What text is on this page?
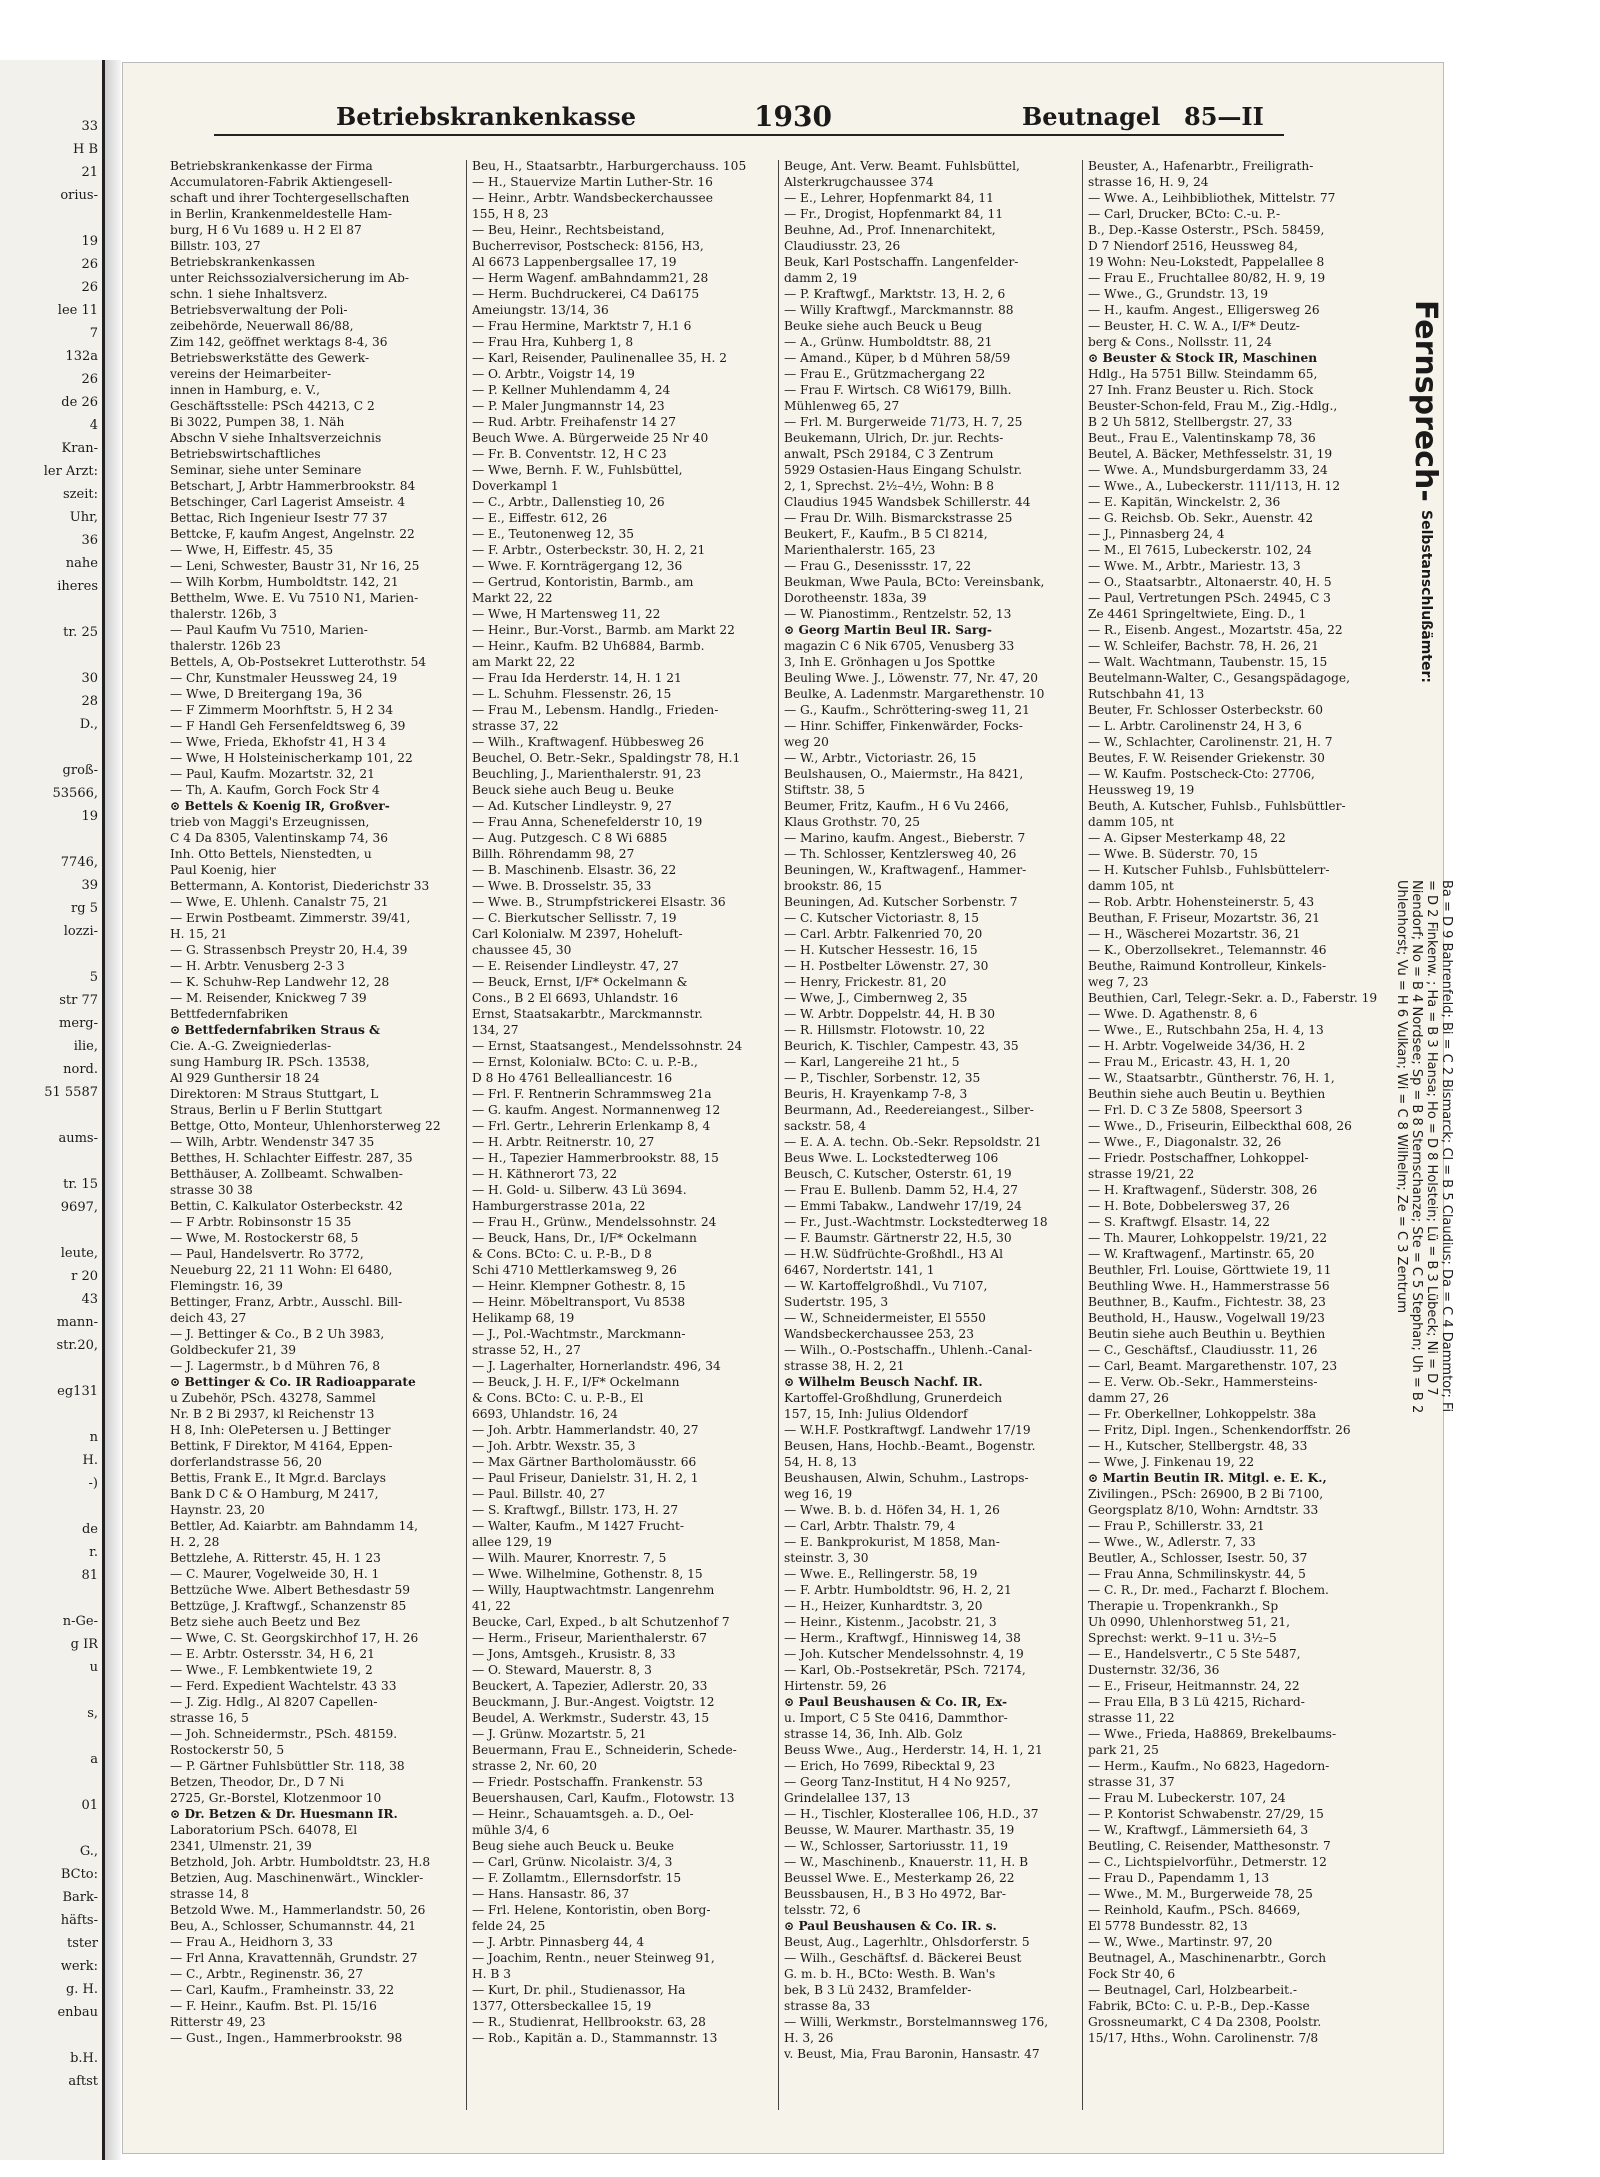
33
H B
21
orius-
19
26
26
lee 11
7
132a
26
de 26
4
Kran-
ler Arzt:
szeit:
Uhr,
36
nahe
iheres
tr. 25
30
28
D.,
groß-
53566,
19
7746,
39
rg 5
lozzi-
5
str 77
merg-
ilie,
nord.
51 5587
aums-
tr. 15
9697,
leute,
r 20
43
mann-
str.20,
eg131
n
H.
-)
de
r.
81
n-Ge-
g IR
u
s,
a
01
G.,
BCto:
Bark-
häfts-
tster
werk:
g. H.
enbau
b.H.
aftst
Betriebskrankenkasse	1930	Beutnagel 85—II
Betriebskrankenkasse der Firma
Accumulatoren-Fabrik Aktiengesell-
schaft und ihrer Tochtergesellschaften
in Berlin, Krankenmeldestelle Ham-
burg, H 6 Vu 1689 u. H 2 El 87
Billstr. 103, 27
Betriebskrankenkassen
unter Reichssozialversicherung im Ab-
schn. 1 siehe Inhaltsverz.
Betriebsverwaltung der Poli-
zeibehörde, Neuerwall 86/88,
Zim 142, geöffnet werktags 8-4, 36
Betriebswerkstätte des Gewerk-
vereins der Heimarbeiter-
innen in Hamburg, e. V.,
Geschäftsstelle: PSch 44213, C 2
Bi 3022, Pumpen 38, 1. Näh
Abschn V siehe Inhaltsverzeichnis
Betriebswirtschaftliches
Seminar, siehe unter Seminare
Betschart, J, Arbtr Hammerbrookstr. 84
Betschinger, Carl Lagerist Amseistr. 4
Bettac, Rich Ingenieur Isestr 77 37
Bettcke, F, kaufm Angest, Angelnstr. 22
— Wwe, H, Eiffestr. 45, 35
— Leni, Schwester, Baustr 31, Nr 16, 25
— Wilh Korbm, Humboldtstr. 142, 21
Betthelm, Wwe. E. Vu 7510 N1, Marien-
thalerstr. 126b, 3
— Paul Kaufm Vu 7510, Marien-
thalerstr. 126b 23
Bettels, A, Ob-Postsekret Lutterothstr. 54
— Chr, Kunstmaler Heussweg 24, 19
— Wwe, D Breitergang 19a, 36
— F Zimmerm Moorhftstr. 5, H 2 34
— F Handl Geh Fersenfeldtsweg 6, 39
— Wwe, Frieda, Ekhofstr 41, H 3 4
— Wwe, H Holsteinischerkamp 101, 22
— Paul, Kaufm. Mozartstr. 32, 21
— Th, A. Kaufm, Gorch Fock Str 4
⊙ Bettels & Koenig IR, Großver-
trieb von Maggi's Erzeugnissen,
C 4 Da 8305, Valentinskamp 74, 36
Inh. Otto Bettels, Nienstedten, u
Paul Koenig, hier
Bettermann, A. Kontorist, Diederichstr 33
— Wwe, E. Uhlenh. Canalstr 75, 21
— Erwin Postbeamt. Zimmerstr. 39/41,
H. 15, 21
— G. Strassenbsch Preystr 20, H.4, 39
— H. Arbtr. Venusberg 2-3 3
— K. Schuhw-Rep Landwehr 12, 28
— M. Reisender, Knickweg 7 39
Bettfedernfabriken
⊙ Bettfedernfabriken Straus &
Cie. A.-G. Zweigniederlas-
sung Hamburg IR. PSch. 13538,
Al 929 Gunthersir 18 24
Direktoren: M Straus Stuttgart, L
Straus, Berlin u F Berlin Stuttgart
Bettge, Otto, Monteur, Uhlenhorsterweg 22
— Wilh, Arbtr. Wendenstr 347 35
Betthes, H. Schlachter Eiffestr. 287, 35
Betthäuser, A. Zollbeamt. Schwalben-
strasse 30 38
Bettin, C. Kalkulator Osterbeckstr. 42
— F Arbtr. Robinsonstr 15 35
— Wwe, M. Rostockerstr 68, 5
— Paul, Handelsvertr. Ro 3772,
Neueburg 22, 21 11 Wohn: El 6480,
Flemingstr. 16, 39
Bettinger, Franz, Arbtr., Ausschl. Bill-
deich 43, 27
— J. Bettinger & Co., B 2 Uh 3983,
Goldbeckufer 21, 39
— J. Lagermstr., b d Mühren 76, 8
⊙ Bettinger & Co. IR Radioapparate
u Zubehör, PSch. 43278, Sammel
Nr. B 2 Bi 2937, kl Reichenstr 13
H 8, Inh: OlePetersen u. J Bettinger
Bettink, F Direktor, M 4164, Eppen-
dorferlandstrasse 56, 20
Bettis, Frank E., It Mgr.d. Barclays
Bank D C & O Hamburg, M 2417,
Haynstr. 23, 20
Bettler, Ad. Kaiarbtr. am Bahndamm 14,
H. 2, 28
Bettzlehe, A. Ritterstr. 45, H. 1 23
— C. Maurer, Vogelweide 30, H. 1
Bettzüche Wwe. Albert Bethesdastr 59
Bettzüge, J. Kraftwgf., Schanzenstr 85
Betz siehe auch Beetz und Bez
— Wwe, C. St. Georgskirchhof 17, H. 26
— E. Arbtr. Ostersstr. 34, H 6, 21
— Wwe., F. Lembkentwiete 19, 2
— Ferd. Expedient Wachtelstr. 43 33
— J. Zig. Hdlg., Al 8207 Capellen-
strasse 16, 5
— Joh. Schneidermstr., PSch. 48159.
Rostockerstr 50, 5
— P. Gärtner Fuhlsbüttler Str. 118, 38
Betzen, Theodor, Dr., D 7 Ni
2725, Gr.-Borstel, Klotzenmoor 10
⊙ Dr. Betzen & Dr. Huesmann IR.
Laboratorium PSch. 64078, El
2341, Ulmenstr. 21, 39
Betzhold, Joh. Arbtr. Humboldtstr. 23, H.8
Betzien, Aug. Maschinenwärt., Winckler-
strasse 14, 8
Betzold Wwe. M., Hammerlandstr. 50, 26
Beu, A., Schlosser, Schumannstr. 44, 21
— Frau A., Heidhorn 3, 33
— Frl Anna, Kravattennäh, Grundstr. 27
— C., Arbtr., Reginenstr. 36, 27
— Carl, Kaufm., Framheinstr. 33, 22
— F. Heinr., Kaufm. Bst. Pl. 15/16
Ritterstr 49, 23
— Gust., Ingen., Hammerbrookstr. 98
Beu, H., Staatsarbtr., Harburgerchauss. 105
— H., Stauervize Martin Luther-Str. 16
— Heinr., Arbtr. Wandsbeckerchaussee
155, H 8, 23
— Beu, Heinr., Rechtsbeistand,
Bucherrevisor, Postscheck: 8156, H3,
Al 6673 Lappenbergsallee 17, 19
— Herm Wagenf. amBahndamm21, 28
— Herm. Buchdruckerei, C4 Da6175
Ameiungstr. 13/14, 36
— Frau Hermine, Marktstr 7, H.1 6
— Frau Hra, Kuhberg 1, 8
— Karl, Reisender, Paulinenallee 35, H. 2
— O. Arbtr., Voigstr 14, 19
— P. Kellner Muhlendamm 4, 24
— P. Maler Jungmannstr 14, 23
— Rud. Arbtr. Freihafenstr 14 27
Beuch Wwe. A. Bürgerweide 25 Nr 40
— Fr. B. Conventstr. 12, H C 23
— Wwe, Bernh. F. W., Fuhlsbüttel,
Doverkampl 1
— C., Arbtr., Dallenstieg 10, 26
— E., Eiffestr. 612, 26
— E., Teutonenweg 12, 35
— F. Arbtr., Osterbeckstr. 30, H. 2, 21
— Wwe. F. Kornträgergang 12, 36
— Gertrud, Kontoristin, Barmb., am
Markt 22, 22
— Wwe, H Martensweg 11, 22
— Heinr., Bur.-Vorst., Barmb. am Markt 22
— Heinr., Kaufm. B2 Uh6884, Barmb.
am Markt 22, 22
— Frau Ida Herderstr. 14, H. 1 21
— L. Schuhm. Flessenstr. 26, 15
— Frau M., Lebensm. Handlg., Frieden-
strasse 37, 22
— Wilh., Kraftwagenf. Hübbesweg 26
Beuchel, O. Betr.-Sekr., Spaldingstr 78, H.1
Beuchling, J., Marienthalerstr. 91, 23
Beuck siehe auch Beug u. Beuke
— Ad. Kutscher Lindleystr. 9, 27
— Frau Anna, Schenefelderstr 10, 19
— Aug. Putzgesch. C 8 Wi 6885
Billh. Röhrendamm 98, 27
— B. Maschinenb. Elsastr. 36, 22
— Wwe. B. Drosselstr. 35, 33
— Wwe. B., Strumpfstrickerei Elsastr. 36
— C. Bierkutscher Sellisstr. 7, 19
Carl Kolonialw. M 2397, Hoheluft-
chaussee 45, 30
— E. Reisender Lindleystr. 47, 27
— Beuck, Ernst, I/F* Ockelmann &
Cons., B 2 El 6693, Uhlandstr. 16
Ernst, Staatsakarbtr., Marckmannstr.
134, 27
— Ernst, Staatsangest., Mendelssohnstr. 24
— Ernst, Kolonialw. BCto: C. u. P.-B.,
D 8 Ho 4761 Bellealliancestr. 16
— Frl. F. Rentnerin Schrammsweg 21a
— G. kaufm. Angest. Normannenweg 12
— Frl. Gertr., Lehrerin Erlenkamp 8, 4
— H. Arbtr. Reitnerstr. 10, 27
— H., Tapezier Hammerbrookstr. 88, 15
— H. Käthnerort 73, 22
— H. Gold- u. Silberw. 43 Lü 3694.
Hamburgerstrasse 201a, 22
— Frau H., Grünw., Mendelssohnstr. 24
— Beuck, Hans, Dr., I/F* Ockelmann
& Cons. BCto: C. u. P.-B., D 8
Schi 4710 Mettlerkamsweg 9, 26
— Heinr. Klempner Gothestr. 8, 15
— Heinr. Möbeltransport, Vu 8538
Helikamp 68, 19
— J., Pol.-Wachtmstr., Marckmann-
strasse 52, H., 27
— J. Lagerhalter, Hornerlandstr. 496, 34
— Beuck, J. H. F., I/F* Ockelmann
& Cons. BCto: C. u. P.-B., El
6693, Uhlandstr. 16, 24
— Joh. Arbtr. Hammerlandstr. 40, 27
— Joh. Arbtr. Wexstr. 35, 3
— Max Gärtner Bartholomäusstr. 66
— Paul Friseur, Danielstr. 31, H. 2, 1
— Paul. Billstr. 40, 27
— S. Kraftwgf., Billstr. 173, H. 27
— Walter, Kaufm., M 1427 Frucht-
allee 129, 19
— Wilh. Maurer, Knorrestr. 7, 5
— Wwe. Wilhelmine, Gothenstr. 8, 15
— Willy, Hauptwachtmstr. Langenrehm
41, 22
Beucke, Carl, Exped., b alt Schutzenhof 7
— Herm., Friseur, Marienthalerstr. 67
— Jons, Amtsgeh., Krusistr. 8, 33
— O. Steward, Mauerstr. 8, 3
Beuckert, A. Tapezier, Adlerstr. 20, 33
Beuckmann, J. Bur.-Angest. Voigtstr. 12
Beudel, A. Werkmstr., Suderstr. 43, 15
— J. Grünw. Mozartstr. 5, 21
Beuermann, Frau E., Schneiderin, Schede-
strasse 2, Nr. 60, 20
— Friedr. Postschaffn. Frankenstr. 53
Beuershausen, Carl, Kaufm., Flotowstr. 13
— Heinr., Schauamtsgeh. a. D., Oel-
mühle 3/4, 6
Beug siehe auch Beuck u. Beuke
— Carl, Grünw. Nicolaistr. 3/4, 3
— F. Zollamtm., Ellernsdorfstr. 15
— Hans. Hansastr. 86, 37
— Frl. Helene, Kontoristin, oben Borg-
felde 24, 25
— J. Arbtr. Pinnasberg 44, 4
— Joachim, Rentn., neuer Steinweg 91,
H. B 3
— Kurt, Dr. phil., Studienassor, Ha
1377, Ottersbeckallee 15, 19
— R., Studienrat, Hellbrookstr. 63, 28
— Rob., Kapitän a. D., Stammannstr. 13
Beuge, Ant. Verw. Beamt. Fuhlsbüttel,
Alsterkrugchaussee 374
— E., Lehrer, Hopfenmarkt 84, 11
— Fr., Drogist, Hopfenmarkt 84, 11
Beuhne, Ad., Prof. Innenarchitekt,
Claudiusstr. 23, 26
Beuk, Karl Postschaffn. Langenfelder-
damm 2, 19
— P. Kraftwgf., Marktstr. 13, H. 2, 6
— Willy Kraftwgf., Marckmannstr. 88
Beuke siehe auch Beuck u Beug
— A., Grünw. Humboldtstr. 88, 21
— Amand., Küper, b d Mühren 58/59
— Frau E., Grützmachergang 22
— Frau F. Wirtsch. C8 Wi6179, Billh.
Mühlenweg 65, 27
— Frl. M. Burgerweide 71/73, H. 7, 25
Beukemann, Ulrich, Dr. jur. Rechts-
anwalt, PSch 29184, C 3 Zentrum
5929 Ostasien-Haus Eingang Schulstr.
2, 1, Sprechst. 2½–4½, Wohn: B 8
Claudius 1945 Wandsbek Schillerstr. 44
— Frau Dr. Wilh. Bismarckstrasse 25
Beukert, F., Kaufm., B 5 Cl 8214,
Marienthalerstr. 165, 23
— Frau G., Desenissstr. 17, 22
Beukman, Wwe Paula, BCto: Vereinsbank,
Dorotheenstr. 183a, 39
— W. Pianostimm., Rentzelstr. 52, 13
⊙ Georg Martin Beul IR. Sarg-
magazin C 6 Nik 6705, Venusberg 33
3, Inh E. Grönhagen u Jos Spottke
Beuling Wwe. J., Löwenstr. 77, Nr. 47, 20
Beulke, A. Ladenmstr. Margarethenstr. 10
— G., Kaufm., Schröttering-sweg 11, 21
— Hinr. Schiffer, Finkenwärder, Focks-
weg 20
— W., Arbtr., Victoriastr. 26, 15
Beulshausen, O., Maiermstr., Ha 8421,
Stiftstr. 38, 5
Beumer, Fritz, Kaufm., H 6 Vu 2466,
Klaus Grothstr. 70, 25
— Marino, kaufm. Angest., Bieberstr. 7
— Th. Schlosser, Kentzlersweg 40, 26
Beuningen, W., Kraftwagenf., Hammer-
brookstr. 86, 15
Beuningen, Ad. Kutscher Sorbenstr. 7
— C. Kutscher Victoriastr. 8, 15
— Carl. Arbtr. Falkenried 70, 20
— H. Kutscher Hessestr. 16, 15
— H. Postbelter Löwenstr. 27, 30
— Henry, Frickestr. 81, 20
— Wwe, J., Cimbernweg 2, 35
— W. Arbtr. Doppelstr. 44, H. B 30
— R. Hillsmstr. Flotowstr. 10, 22
Beurich, K. Tischler, Campestr. 43, 35
— Karl, Langereihe 21 ht., 5
— P., Tischler, Sorbenstr. 12, 35
Beuris, H. Krayenkamp 7-8, 3
Beurmann, Ad., Reedereiangest., Silber-
sackstr. 58, 4
— E. A. A. techn. Ob.-Sekr. Repsoldstr. 21
Beus Wwe. L. Lockstedterweg 106
Beusch, C. Kutscher, Osterstr. 61, 19
— Frau E. Bullenb. Damm 52, H.4, 27
— Emmi Tabakw., Landwehr 17/19, 24
— Fr., Just.-Wachtmstr. Lockstedterweg 18
— F. Baumstr. Gärtnerstr 22, H.5, 30
— H.W. Südfrüchte-Großhdl., H3 Al
6467, Nordertstr. 141, 1
— W. Kartoffelgroßhdl., Vu 7107,
Sudertstr. 195, 3
— W., Schneidermeister, El 5550
Wandsbeckerchaussee 253, 23
— Wilh., O.-Postschaffn., Uhlenh.-Canal-
strasse 38, H. 2, 21
⊙ Wilhelm Beusch Nachf. IR.
Kartoffel-Großhdlung, Grunerdeich
157, 15, Inh: Julius Oldendorf
— W.H.F. Postkraftwgf. Landwehr 17/19
Beusen, Hans, Hochb.-Beamt., Bogenstr.
54, H. 8, 13
Beushausen, Alwin, Schuhm., Lastrops-
weg 16, 19
— Wwe. B. b. d. Höfen 34, H. 1, 26
— Carl, Arbtr. Thalstr. 79, 4
— E. Bankprokurist, M 1858, Man-
steinstr. 3, 30
— Wwe. E., Rellingerstr. 58, 19
— F. Arbtr. Humboldtstr. 96, H. 2, 21
— H., Heizer, Kunhardtstr. 3, 20
— Heinr., Kistenm., Jacobstr. 21, 3
— Herm., Kraftwgf., Hinnisweg 14, 38
— Joh. Kutscher Mendelssohnstr. 4, 19
— Karl, Ob.-Postsekretär, PSch. 72174,
Hirtenstr. 59, 26
⊙ Paul Beushausen & Co. IR, Ex-
u. Import, C 5 Ste 0416, Dammthor-
strasse 14, 36, Inh. Alb. Golz
Beuss Wwe., Aug., Herderstr. 14, H. 1, 21
— Erich, Ho 7699, Ribecktal 9, 23
— Georg Tanz-Institut, H 4 No 9257,
Grindelallee 137, 13
— H., Tischler, Klosterallee 106, H.D., 37
Beusse, W. Maurer. Marthastr. 35, 19
— W., Schlosser, Sartoriusstr. 11, 19
— W., Maschinenb., Knauerstr. 11, H. B
Beussel Wwe. E., Mesterkamp 26, 22
Beussbausen, H., B 3 Ho 4972, Bar-
telsstr. 72, 6
⊙ Paul Beushausen & Co. IR. s.
Beust, Aug., Lagerhltr., Ohlsdorferstr. 5
— Wilh., Geschäftsf. d. Bäckerei Beust
G. m. b. H., BCto: Westh. B. Wan's
bek, B 3 Lü 2432, Bramfelder-
strasse 8a, 33
— Willi, Werkmstr., Borstelmannsweg 176,
H. 3, 26
v. Beust, Mia, Frau Baronin, Hansastr. 47
Beuster, A., Hafenarbtr., Freiligrath-
strasse 16, H. 9, 24
— Wwe. A., Leihbibliothek, Mittelstr. 77
— Carl, Drucker, BCto: C.-u. P.-
B., Dep.-Kasse Osterstr., PSch. 58459,
D 7 Niendorf 2516, Heussweg 84,
19 Wohn: Neu-Lokstedt, Pappelallee 8
— Frau E., Fruchtallee 80/82, H. 9, 19
— Wwe., G., Grundstr. 13, 19
— H., kaufm. Angest., Elligersweg 26
— Beuster, H. C. W. A., I/F* Deutz-
berg & Cons., Nollsstr. 11, 24
⊙ Beuster & Stock IR, Maschinen
Hdlg., Ha 5751 Billw. Steindamm 65,
27 Inh. Franz Beuster u. Rich. Stock
Beuster-Schon-feld, Frau M., Zig.-Hdlg.,
B 2 Uh 5812, Stellbergstr. 27, 33
Beut., Frau E., Valentinskamp 78, 36
Beutel, A. Bäcker, Methfesselstr. 31, 19
— Wwe. A., Mundsburgerdamm 33, 24
— Wwe., A., Lubeckerstr. 111/113, H. 12
— E. Kapitän, Winckelstr. 2, 36
— G. Reichsb. Ob. Sekr., Auenstr. 42
— J., Pinnasberg 24, 4
— M., El 7615, Lubeckerstr. 102, 24
— Wwe. M., Arbtr., Mariestr. 13, 3
— O., Staatsarbtr., Altonaerstr. 40, H. 5
— Paul, Vertretungen PSch. 24945, C 3
Ze 4461 Springeltwiete, Eing. D., 1
— R., Eisenb. Angest., Mozartstr. 45a, 22
— W. Schleifer, Bachstr. 78, H. 26, 21
— Walt. Wachtmann, Taubenstr. 15, 15
Beutelmann-Walter, C., Gesangspädagoge,
Rutschbahn 41, 13
Beuter, Fr. Schlosser Osterbeckstr. 60
— L. Arbtr. Carolinenstr 24, H 3, 6
— W., Schlachter, Carolinenstr. 21, H. 7
Beutes, F. W. Reisender Griekenstr. 30
— W. Kaufm. Postscheck-Cto: 27706,
Heussweg 19, 19
Beuth, A. Kutscher, Fuhlsb., Fuhlsbüttler-
damm 105, nt
— A. Gipser Mesterkamp 48, 22
— Wwe. B. Süderstr. 70, 15
— H. Kutscher Fuhlsb., Fuhlsbüttelerr-
damm 105, nt
— Rob. Arbtr. Hohensteinerstr. 5, 43
Beuthan, F. Friseur, Mozartstr. 36, 21
— H., Wäscherei Mozartstr. 36, 21
— K., Oberzollsekret., Telemannstr. 46
Beuthe, Raimund Kontrolleur, Kinkels-
weg 7, 23
Beuthien, Carl, Telegr.-Sekr. a. D., Faberstr. 19
— Wwe. D. Agathenstr. 8, 6
— Wwe., E., Rutschbahn 25a, H. 4, 13
— H. Arbtr. Vogelweide 34/36, H. 2
— Frau M., Ericastr. 43, H. 1, 20
— W., Staatsarbtr., Güntherstr. 76, H. 1,
Beuthin siehe auch Beutin u. Beythien
— Frl. D. C 3 Ze 5808, Speersort 3
— Wwe., D., Friseurin, Eilbeckthal 608, 26
— Wwe., F., Diagonalstr. 32, 26
— Friedr. Postschaffner, Lohkoppel-
strasse 19/21, 22
— H. Kraftwagenf., Süderstr. 308, 26
— H. Bote, Dobbelersweg 37, 26
— S. Kraftwgf. Elsastr. 14, 22
— Th. Maurer, Lohkoppelstr. 19/21, 22
— W. Kraftwagenf., Martinstr. 65, 20
Beuthler, Frl. Louise, Görttwiete 19, 11
Beuthling Wwe. H., Hammerstrasse 56
Beuthner, B., Kaufm., Fichtestr. 38, 23
Beuthold, H., Hausw., Vogelwall 19/23
Beutin siehe auch Beuthin u. Beythien
— C., Geschäftsf., Claudiusstr. 11, 26
— Carl, Beamt. Margarethenstr. 107, 23
— E. Verw. Ob.-Sekr., Hammersteins-
damm 27, 26
— Fr. Oberkellner, Lohkoppelstr. 38a
— Fritz, Dipl. Ingen., Schenkendorffstr. 26
— H., Kutscher, Stellbergstr. 48, 33
— Wwe, J. Finkenau 19, 22
⊙ Martin Beutin IR. Mitgl. e. E. K.,
Zivilingen., PSch: 26900, B 2 Bi 7100,
Georgsplatz 8/10, Wohn: Arndtstr. 33
— Frau P., Schillerstr. 33, 21
— Wwe., W., Adlerstr. 7, 33
Beutler, A., Schlosser, Isestr. 50, 37
— Frau Anna, Schmilinskystr. 44, 5
— C. R., Dr. med., Facharzt f. Blochem.
Therapie u. Tropenkrankh., Sp
Uh 0990, Uhlenhorstweg 51, 21,
Sprechst: werkt. 9–11 u. 3½–5
— E., Handelsvertr., C 5 Ste 5487,
Dusternstr. 32/36, 36
— E., Friseur, Heitmannstr. 24, 22
— Frau Ella, B 3 Lü 4215, Richard-
strasse 11, 22
— Wwe., Frieda, Ha8869, Brekelbaums-
park 21, 25
— Herm., Kaufm., No 6823, Hagedorn-
strasse 31, 37
— Frau M. Lubeckerstr. 107, 24
— P. Kontorist Schwabenstr. 27/29, 15
— W., Kraftwgf., Lämmersieth 64, 3
Beutling, C. Reisender, Matthesonstr. 7
— C., Lichtspielvorführ., Detmerstr. 12
— Frau D., Papendamm 1, 13
— Wwe., M. M., Burgerweide 78, 25
— Reinhold, Kaufm., PSch. 84669,
El 5778 Bundesstr. 82, 13
— W., Wwe., Martinstr. 97, 20
Beutnagel, A., Maschinenarbtr., Gorch
Fock Str 40, 6
— Beutnagel, Carl, Holzbearbeit.-
Fabrik, BCto: C. u. P.-B., Dep.-Kasse
Grossneumarkt, C 4 Da 2308, Poolstr.
15/17, Hths., Wohn. Carolinenstr. 7/8
Fernsprech-
Selbstanschlußämter:
Ba = D 9 Bahrenfeld; Bi = C 2 Bismarck; Cl = B 5 Claudius; Da = C 4 Dammtor; Fi = D 2 Finkenw. ; Ha = B 3 Hansa; Ho = D 8 Holstein; Lü = B 3 Lübeck; Ni = D 7 Niendorf; No = B 4 Nordsee; Sp = B 8 Sternschanze; Ste = C 5 Stephan; Uh = B 2 Uhlenhorst; Vu = H 6 Vulkan; Wi = C 8 Wilhelm; Ze = C 3 Zentrum
